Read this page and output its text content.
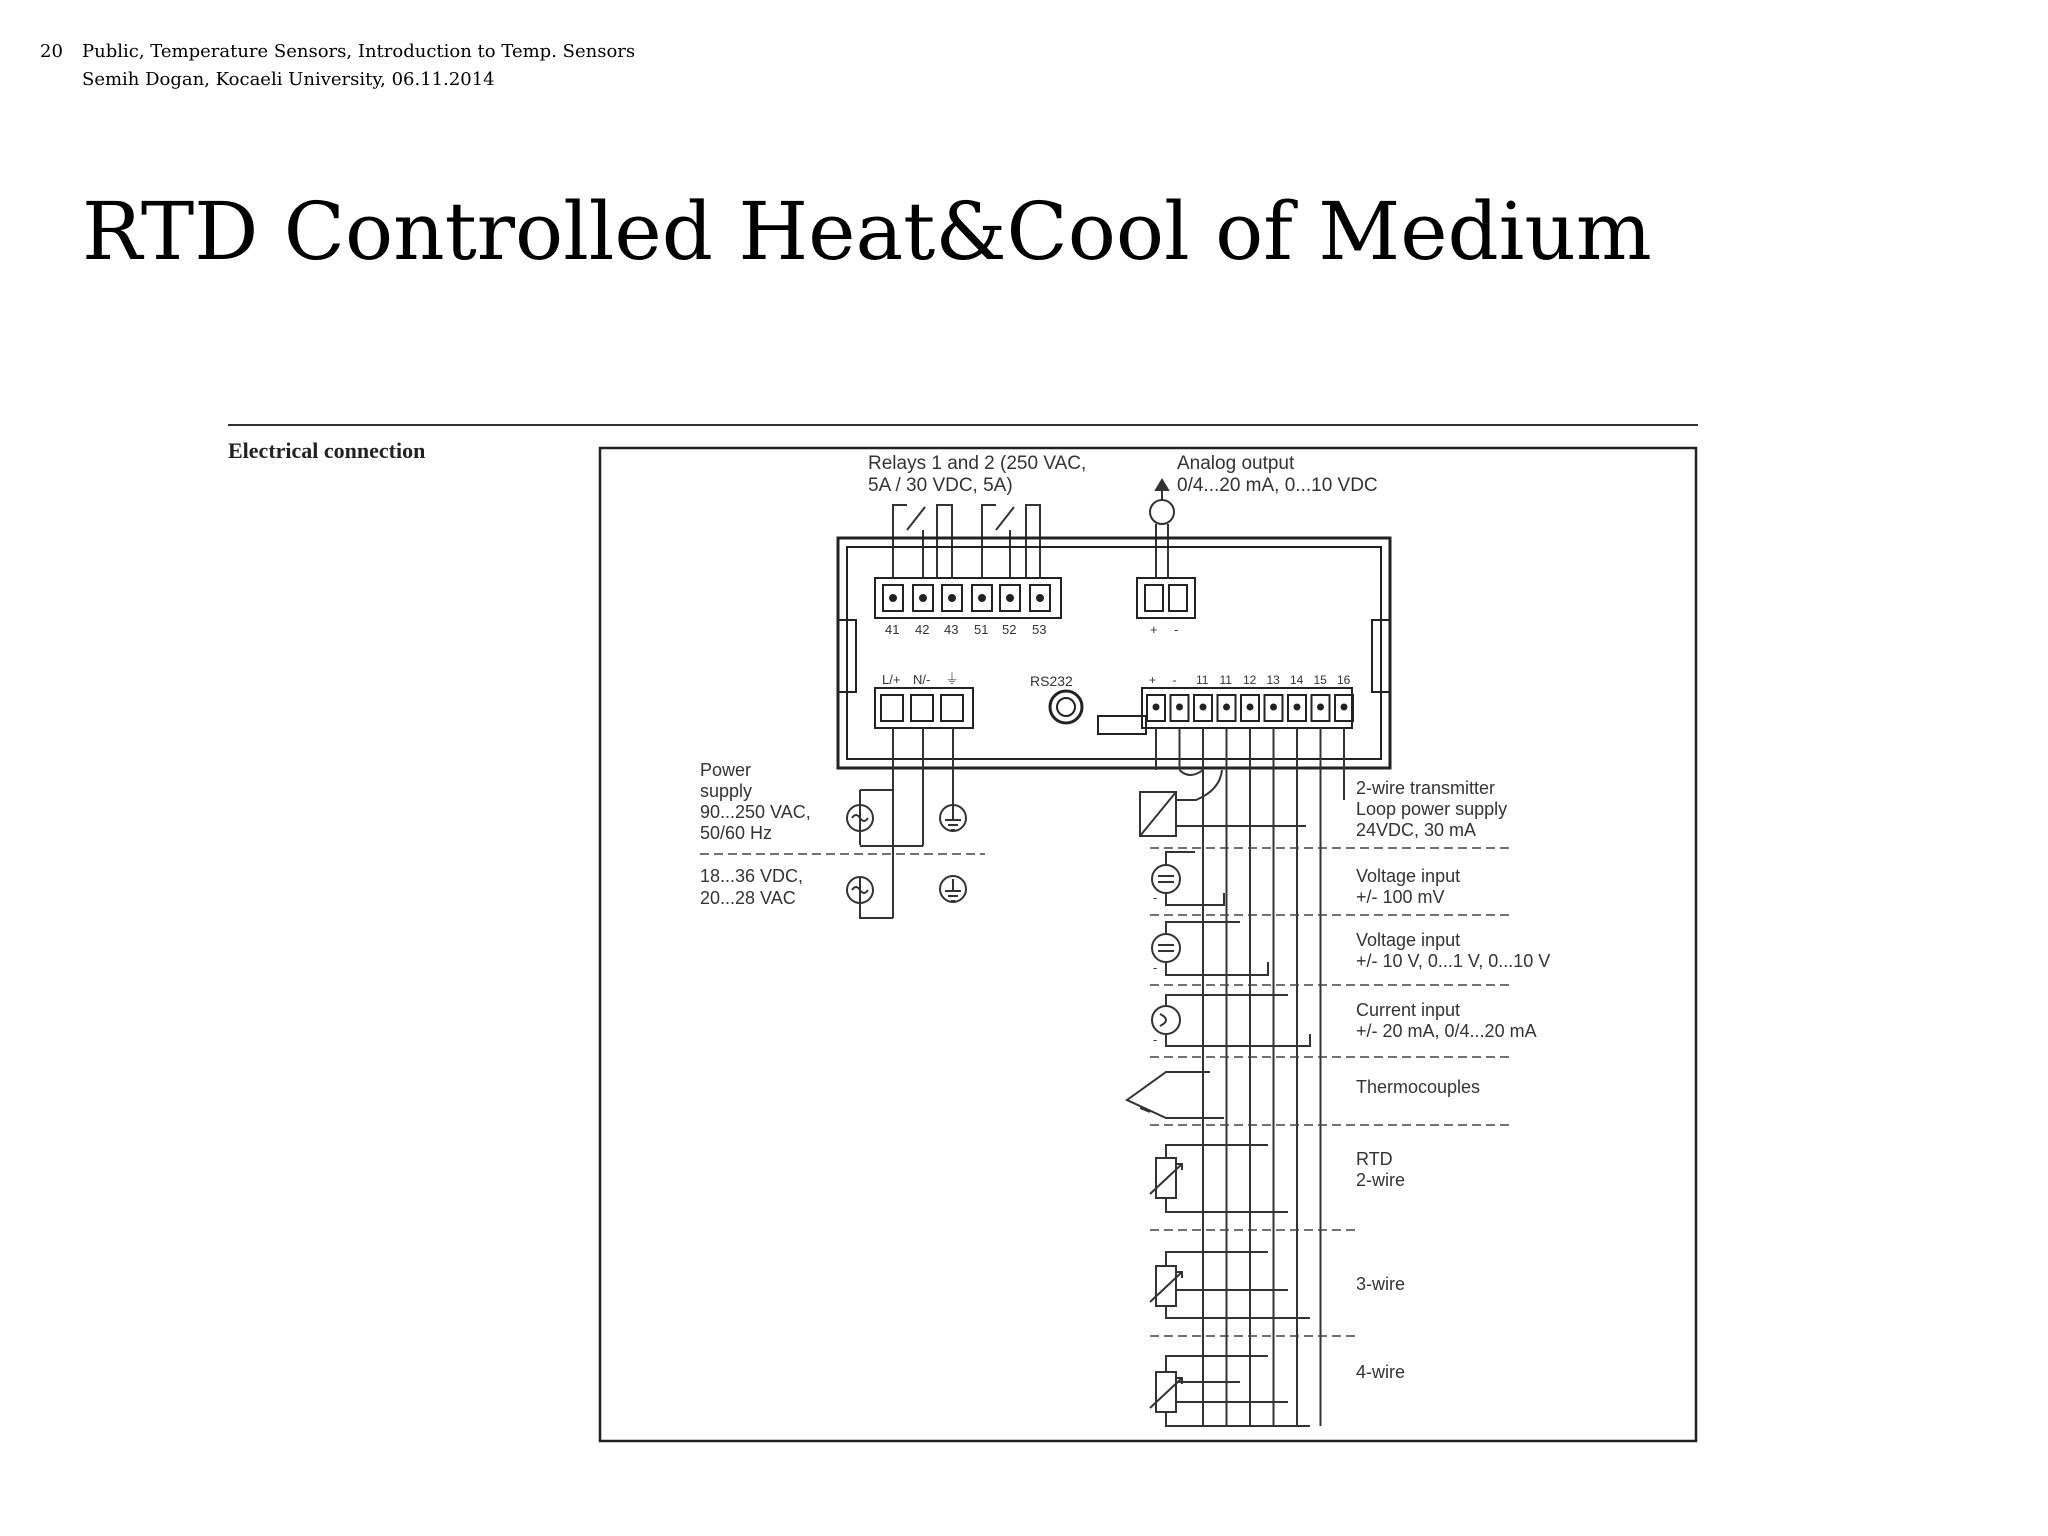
20 Public, Temperature Sensors, Introduction to Temp. Sensors
Semih Dogan, Kocaeli University, 06.11.2014
RTD Controlled Heat&Cool of Medium
Electrical connection
Relays 1 and 2 (250 VAC,
5A / 30 VDC, 5A)
Analog output
0/4...20 mA, 0...10 VDC
41 42 43 51 52 53	+ -
L/+ N/- ⏚	RS232	+ - 11 11 12 13 14 15 16
Power
supply
90...250 VAC,
50/60 Hz
18...36 VDC,
20...28 VAC	-
-
-
2-wire transmitter
Loop power supply
24VDC, 30 mA
Voltage input
+/- 100 mV
Voltage input
+/- 10 V, 0...1 V, 0...10 V
Current input
+/- 20 mA, 0/4...20 mA
Thermocouples
RTD
2-wire
3-wire
4-wire
